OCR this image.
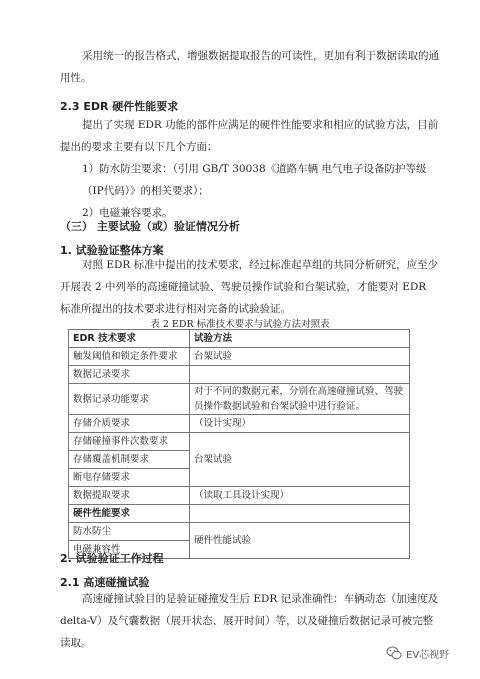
采用统一的报告格式，增强数据提取报告的可读性，更加有利于数据读取的通用性。
2.3 EDR 硬件性能要求
提出了实现 EDR 功能的部件应满足的硬件性能要求和相应的试验方法，目前提出的要求主要有以下几个方面：
1）防水防尘要求：（引用 GB/T 30038《道路车辆 电气电子设备防护等级（IP代码）》的相关要求）；
2）电磁兼容要求。
（三） 主要试验（或）验证情况分析
1. 试验验证整体方案
对照 EDR 标准中提出的技术要求，经过标准起草组的共同分析研究，应至少开展表 2 中列举的高速碰撞试验、驾驶员操作试验和台架试验，才能要对 EDR 标准所提出的技术要求进行相对完备的试验验证。
表 2 EDR 标准技术要求与试验方法对照表
EDR 技术要求	试验方法
触发阈值和锁定条件要求	台架试验
数据记录要求	
数据记录功能要求	对于不同的数据元素，分别在高速碰撞试验、驾驶员操作数据试验和台架试验中进行验证。
存储介质要求	（设计实现）
存储碰撞事件次数要求	台架试验
存储覆盖机制要求	
断电存储要求	
数据提取要求	（读取工具设计实现）
硬件性能要求	
防水防尘	硬件性能试验
电磁兼容性	
2. 试验验证工作过程
2.1 高速碰撞试验
高速碰撞试验目的是验证碰撞发生后 EDR 记录准确性：车辆动态（加速度及 delta-V）及气囊数据（展开状态、展开时间）等，以及碰撞后数据记录可被完整读取。
EV芯视野
